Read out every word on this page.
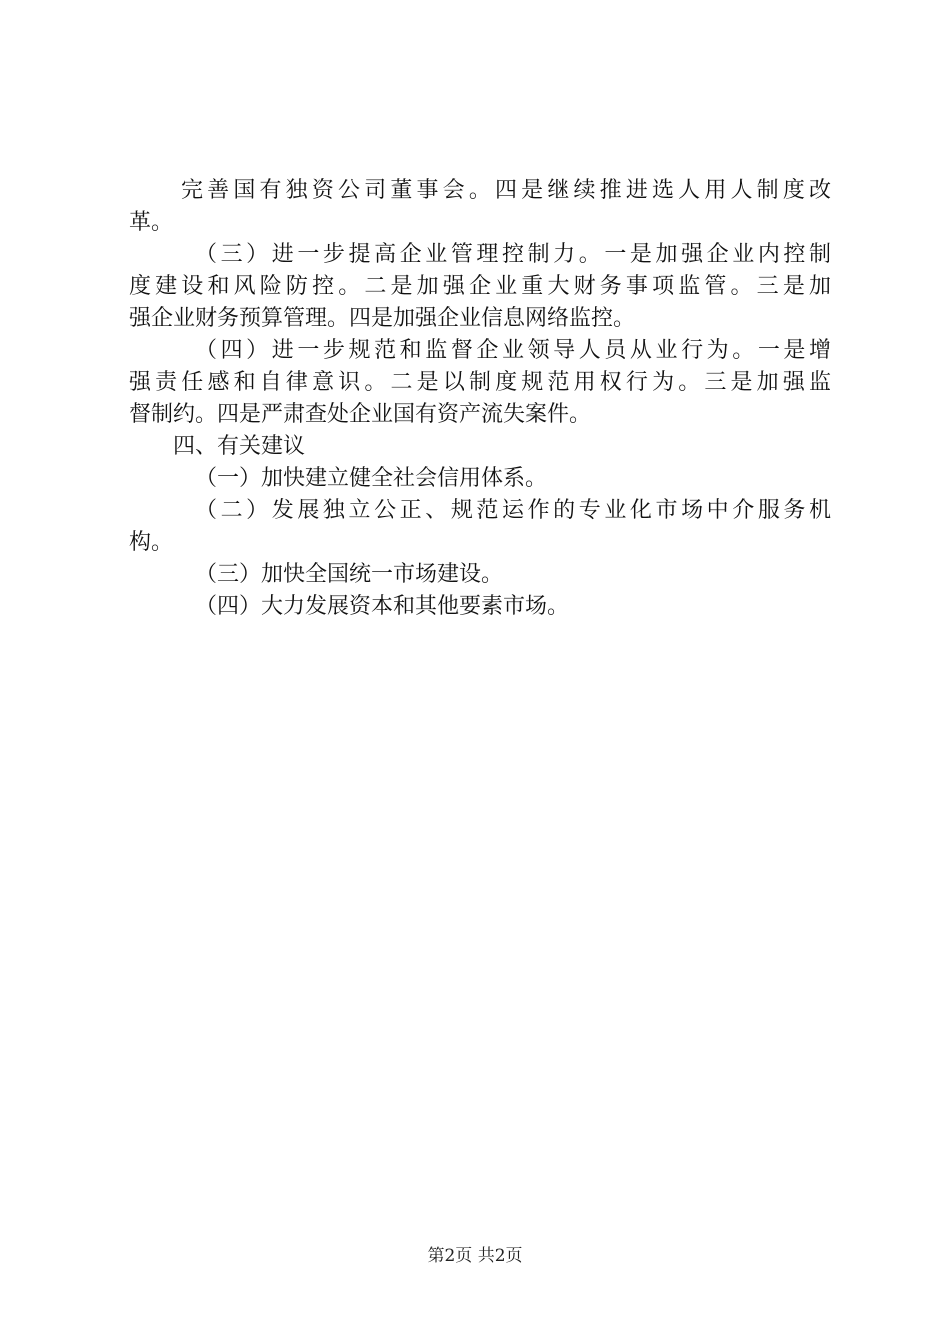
完善国有独资公司董事会。四是继续推进选人用人制度改
革。
（三）进一步提高企业管理控制力。一是加强企业内控制
度建设和风险防控。二是加强企业重大财务事项监管。三是加
强企业财务预算管理。四是加强企业信息网络监控。
（四）进一步规范和监督企业领导人员从业行为。一是增
强责任感和自律意识。二是以制度规范用权行为。三是加强监
督制约。四是严肃查处企业国有资产流失案件。
四、有关建议
（一）加快建立健全社会信用体系。
（二）发展独立公正、规范运作的专业化市场中介服务机
构。
（三）加快全国统一市场建设。
（四）大力发展资本和其他要素市场。
第2页 共2页
